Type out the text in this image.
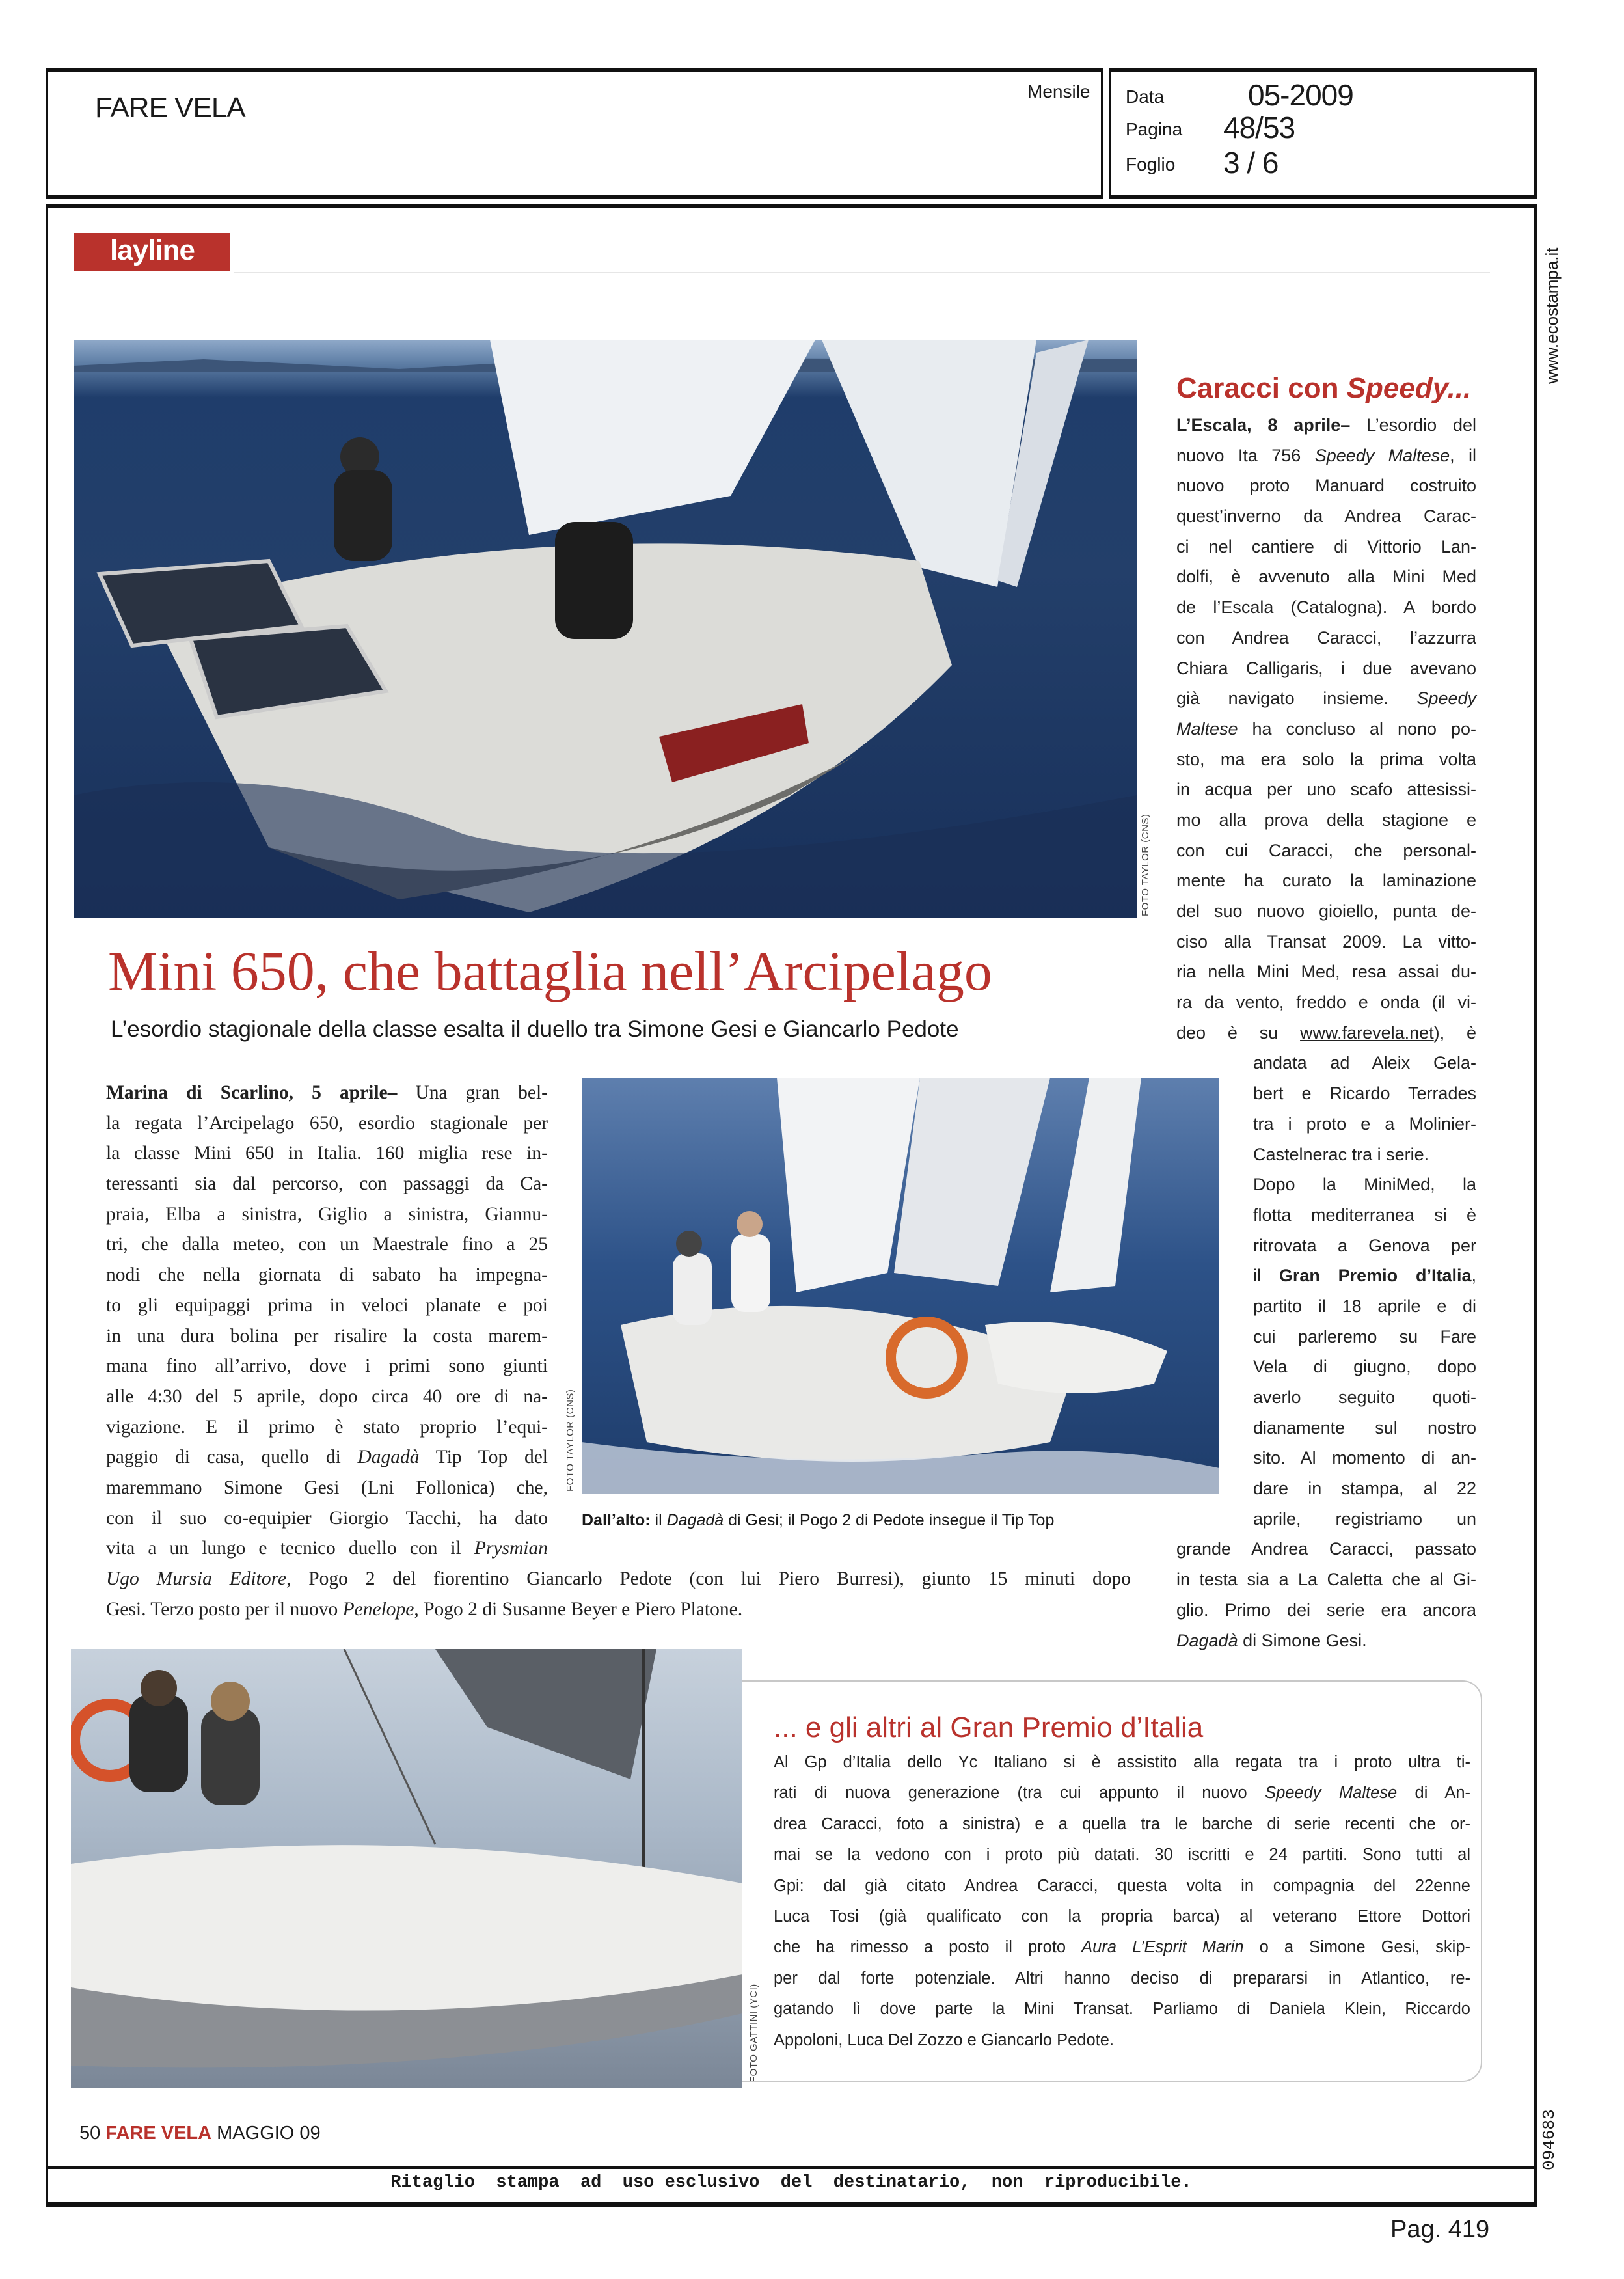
FARE VELA
Mensile Data	05-2009
Pagina 48/53
Foglio 3 / 6
www.ecostampa.it
094683
layline
FOTO TAYLOR (CNS)
Caracci con Speedy...
L’Escala, 8 aprile– L’esordio del
nuovo Ita 756 Speedy Maltese, il
nuovo proto Manuard costruito
quest’inverno da Andrea Carac-
ci nel cantiere di Vittorio Lan-
dolfi, è avvenuto alla Mini Med
de l’Escala (Catalogna). A bordo
con Andrea Caracci, l’azzurra
Chiara Calligaris, i due avevano
già navigato insieme. Speedy
Maltese ha concluso al nono po-
sto, ma era solo la prima volta
in acqua per uno scafo attesissi-
mo alla prova della stagione e
con cui Caracci, che personal-
mente ha curato la laminazione
del suo nuovo gioiello, punta de-
ciso alla Transat 2009. La vitto-
ria nella Mini Med, resa assai du-
ra da vento, freddo e onda (il vi-
deo è su www.farevela.net), è
andata ad Aleix Gela-
bert e Ricardo Terrades
tra i proto e a Molinier-
Castelnerac tra i serie.
Dopo la MiniMed, la
flotta mediterranea si è
ritrovata a Genova per
il Gran Premio d’Italia,
partito il 18 aprile e di
cui parleremo su Fare
Vela di giugno, dopo
averlo seguito quoti-
dianamente sul nostro
sito. Al momento di an-
dare in stampa, al 22
aprile, registriamo un
grande Andrea Caracci, passato
in testa sia a La Caletta che al Gi-
glio. Primo dei serie era ancora
Dagadà di Simone Gesi.
Mini 650, che battaglia nell’Arcipelago
L’esordio stagionale della classe esalta il duello tra Simone Gesi e Giancarlo Pedote
Marina di Scarlino, 5 aprile– Una gran bel-
la regata l’Arcipelago 650, esordio stagionale per
la classe Mini 650 in Italia. 160 miglia rese in-
teressanti sia dal percorso, con passaggi da Ca-
praia, Elba a sinistra, Giglio a sinistra, Giannu-
tri, che dalla meteo, con un Maestrale fino a 25
nodi che nella giornata di sabato ha impegna-
to gli equipaggi prima in veloci planate e poi
in una dura bolina per risalire la costa marem-
mana fino all’arrivo, dove i primi sono giunti
alle 4:30 del 5 aprile, dopo circa 40 ore di na-
vigazione. E il primo è stato proprio l’equi-
paggio di casa, quello di Dagadà Tip Top del
maremmano Simone Gesi (Lni Follonica) che,
con il suo co-equipier Giorgio Tacchi, ha dato
vita a un lungo e tecnico duello con il Prysmian
Ugo Mursia Editore, Pogo 2 del fiorentino Giancarlo Pedote (con lui Piero Burresi), giunto 15 minuti dopo
Gesi. Terzo posto per il nuovo Penelope, Pogo 2 di Susanne Beyer e Piero Platone.
FOTO TAYLOR (CNS)
Dall’alto: il Dagadà di Gesi; il Pogo 2 di Pedote insegue il Tip Top
FOTO GATTINI (YCI)
... e gli altri al Gran Premio d’Italia
Al Gp d’Italia dello Yc Italiano si è assistito alla regata tra i proto ultra ti-
rati di nuova generazione (tra cui appunto il nuovo Speedy Maltese di An-
drea Caracci, foto a sinistra) e a quella tra le barche di serie recenti che or-
mai se la vedono con i proto più datati. 30 iscritti e 24 partiti. Sono tutti al
Gpi: dal già citato Andrea Caracci, questa volta in compagnia del 22enne
Luca Tosi (già qualificato con la propria barca) al veterano Ettore Dottori
che ha rimesso a posto il proto Aura L’Esprit Marin o a Simone Gesi, skip-
per dal forte potenziale. Altri hanno deciso di prepararsi in Atlantico, re-
gatando lì dove parte la Mini Transat. Parliamo di Daniela Klein, Riccardo
Appoloni, Luca Del Zozzo e Giancarlo Pedote.
50 FARE VELA MAGGIO 09
Ritaglio  stampa  ad  uso esclusivo  del  destinatario,  non  riproducibile.
Pag. 419
